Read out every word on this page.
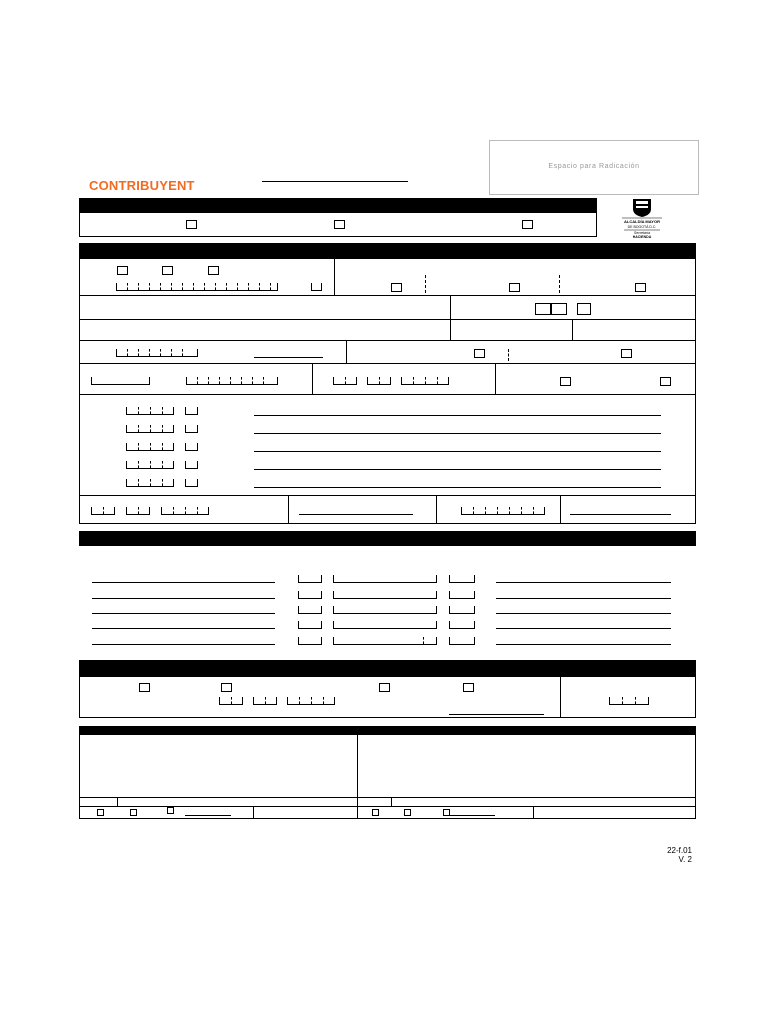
CONTRIBUYENT
Espacio para Radicación
ALCALDÍA MAYOR
DE BOGOTÁ D.C.
Secretaría
HACIENDA
22-f.01
V. 2
